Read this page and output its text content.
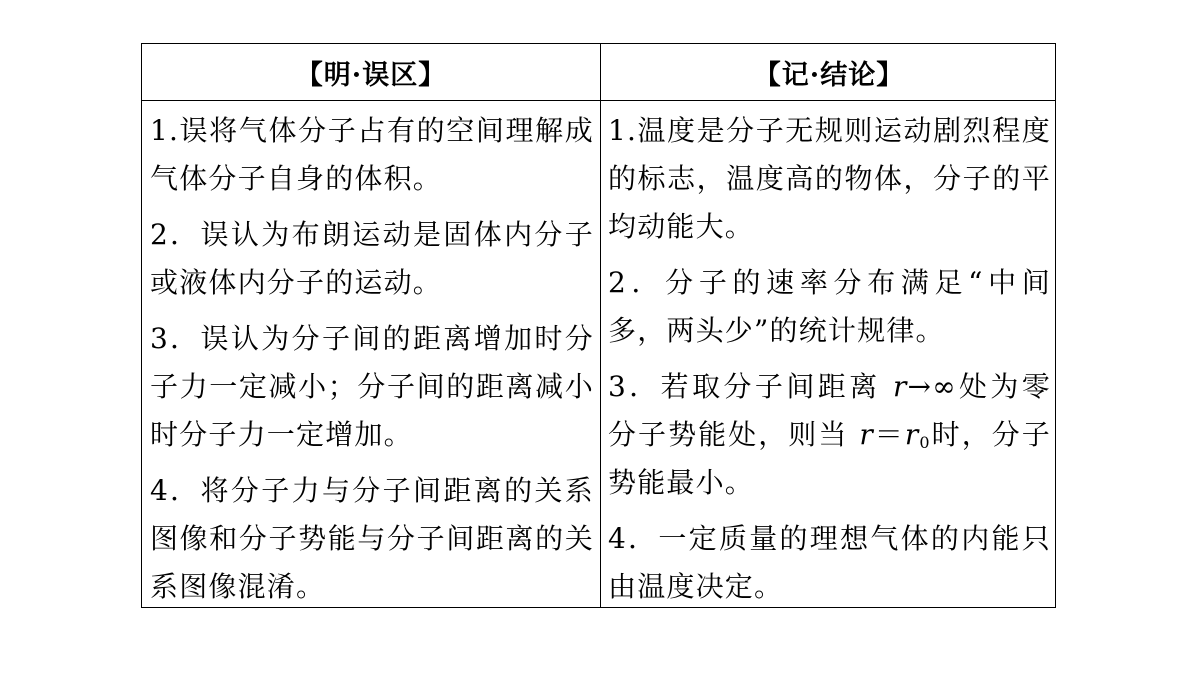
【明·误区】	【记·结论】

1.误将气体分子占有的空间理解成气体分子自身的体积。

2．误认为布朗运动是固体内分子或液体内分子的运动。

3．误认为分子间的距离增加时分子力一定减小；分子间的距离减小时分子力一定增加。

4．将分子力与分子间距离的关系图像和分子势能与分子间距离的关系图像混淆。

1.温度是分子无规则运动剧烈程度的标志，温度高的物体，分子的平均动能大。

2．分子的速率分布满足“中间多，两头少”的统计规律。

3．若取分子间距离 r→∞处为零分子势能处，则当 $r=r_0$时，分子势能最小。

4．一定质量的理想气体的内能只由温度决定。
